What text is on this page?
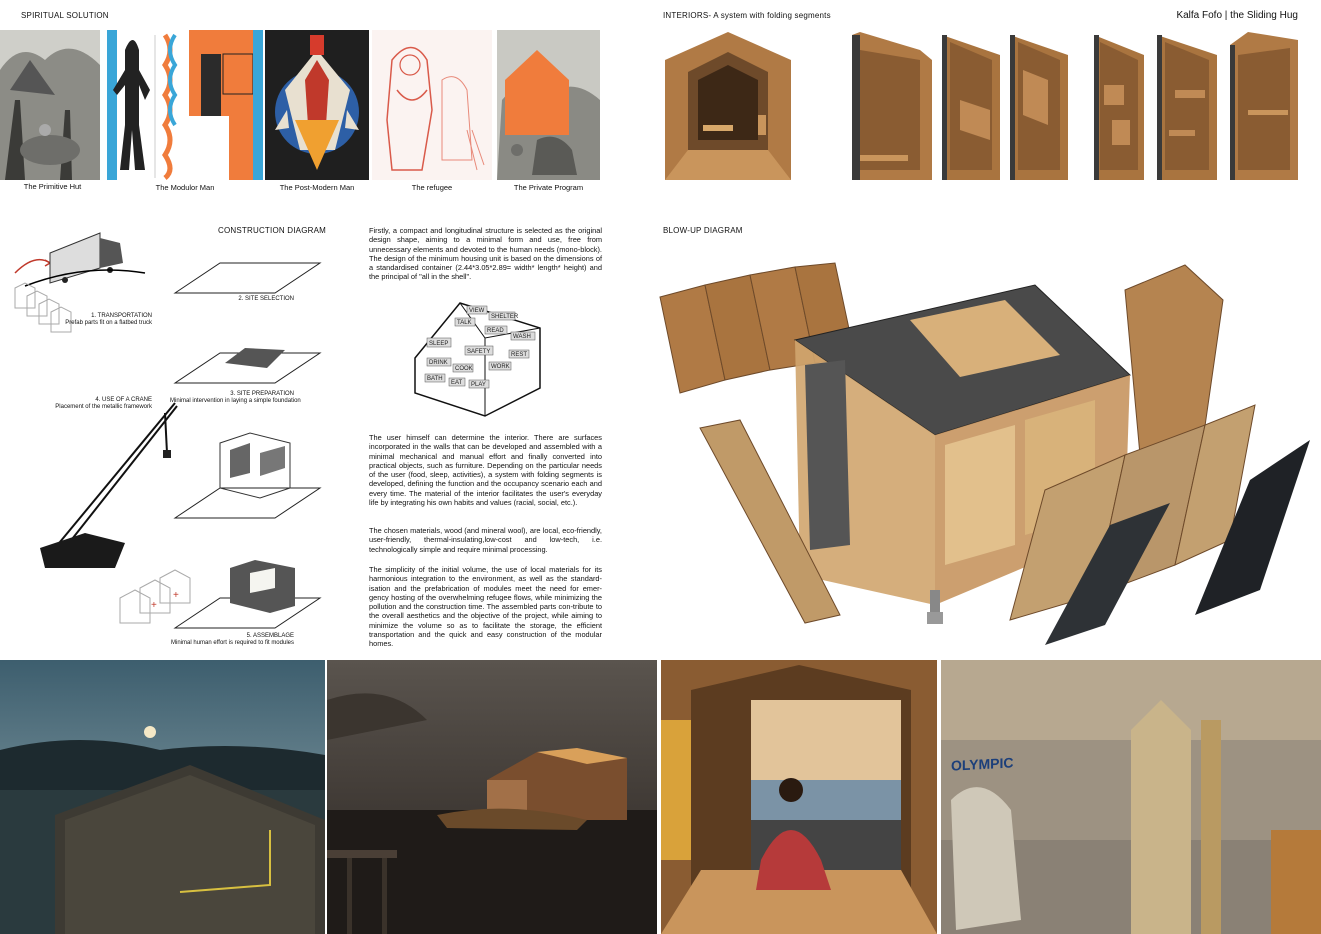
SPIRITUAL SOLUTION	INTERIORS- A system with folding segments	Kalfa Fofo | the Sliding Hug
The Primitive Hut	The Modulor Man	The Post-Modern Man	The refugee	The Private Program
CONSTRUCTION DIAGRAM
+
+
1. TRANSPORTATION
Prefab parts fit on a flatbed truck
2. SITE SELECTION
3. SITE PREPARATION
Minimal intervention in laying a simple foundation
4. USE OF A CRANE
Placement of the metallic framework
5. ASSEMBLAGE
Minimal human effort is required to fit modules
Firstly, a compact and longitudinal structure is selected as the original design shape, aiming to a minimal form and use, free from unnecessary elements and devoted to the human needs (mono-block). The design of the minimum housing unit is based on the dimensions of a standardised container (2.44*3.05*2.89= width* length* height) and the principal of "all in the shell".
VIEW
SHELTER
SLEEP
TALK
READ
WASH
SAFETY	REST
DRINK
COOK	WORK
BATH
EAT PLAY
The user himself can determine the interior. There are surfaces incorporated in the walls that can be developed and assembled with a minimal mechanical and manual effort and finally converted into practical objects, such as furniture. Depending on the particular needs of the user (food, sleep, activities), a system with folding segments is developed, defining the function and the occupancy scenario each and every time. The material of the interior facilitates the user's everyday life by integrating his own habits and values (racial, social, etc.).
The chosen materials, wood (and mineral wool), are local, eco-friendly, user-friendly, thermal-insulating,low-cost and low-tech, i.e. technologically simple and require minimal processing.
The simplicity of the initial volume, the use of local materials for its harmonious integration to the environment, as well as the standard-isation and the prefabrication of modules meet the need for emer-gency hosting of the overwhelming refugee flows, while minimizing the pollution and the construction time. The assembled parts con-tribute to the overall aesthetics and the objective of the project, while aiming to minimize the volume so as to facilitate the storage, the efficient transportation and the quick and easy construction of the modular homes.
BLOW-UP DIAGRAM
OLYMPIC
